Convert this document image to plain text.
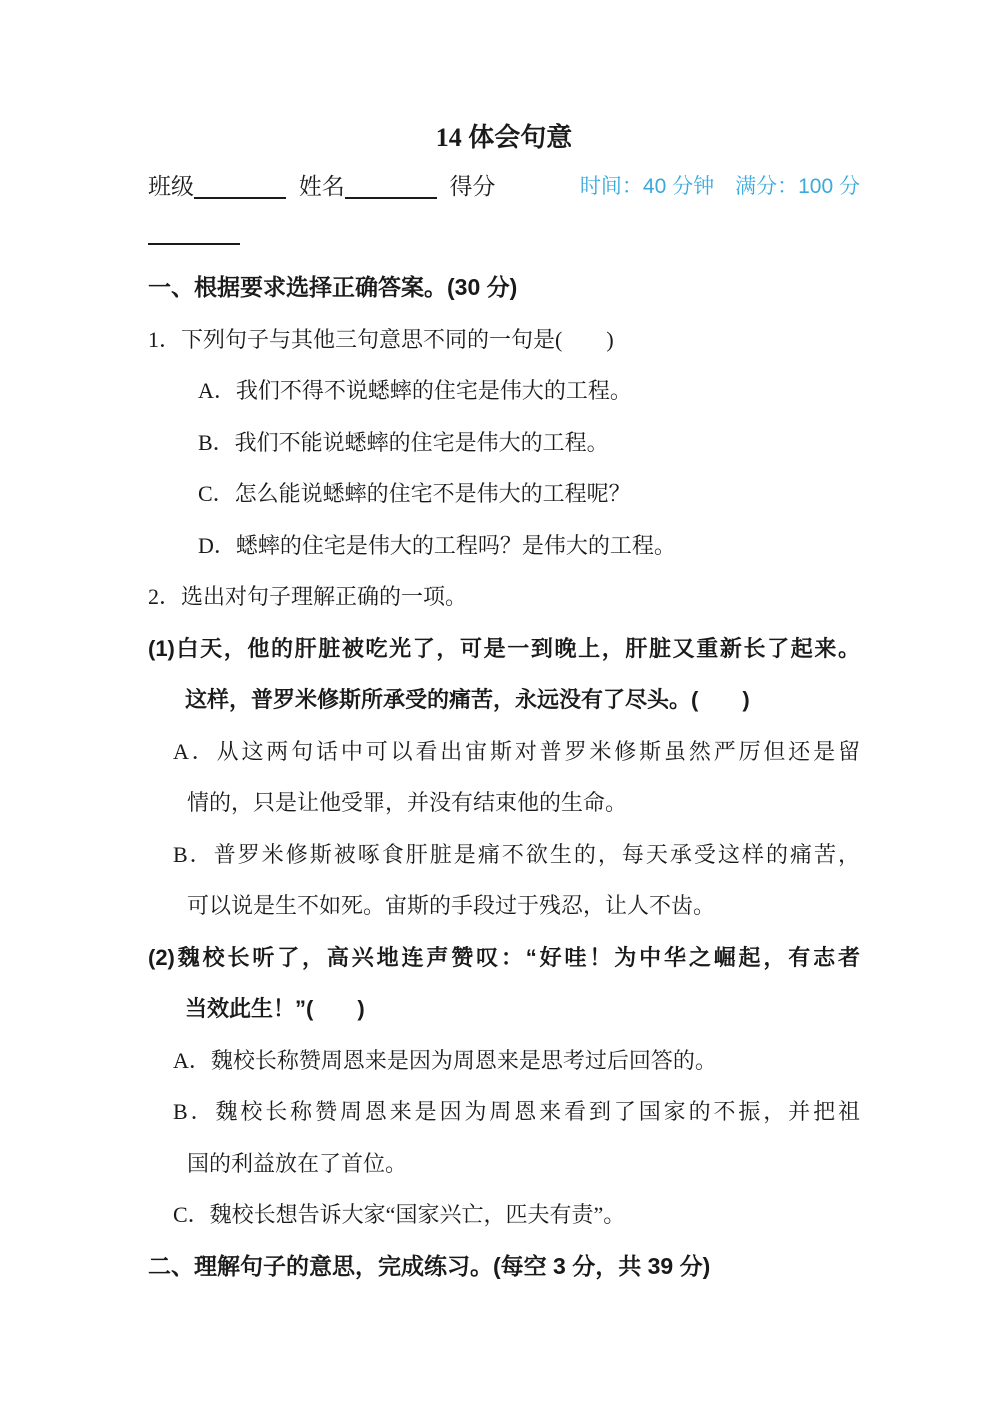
14 体会句意
时间：40 分钟　满分：100 分
班级	姓名	得分
一、根据要求选择正确答案。(30 分)
1．下列句子与其他三句意思不同的一句是(　　)
A．我们不得不说蟋蟀的住宅是伟大的工程。
B．我们不能说蟋蟀的住宅是伟大的工程。
C．怎么能说蟋蟀的住宅不是伟大的工程呢？
D．蟋蟀的住宅是伟大的工程吗？是伟大的工程。
2．选出对句子理解正确的一项。
(1)白天，他的肝脏被吃光了，可是一到晚上，肝脏又重新长了起来。
这样，普罗米修斯所承受的痛苦，永远没有了尽头。(　　)
A．从这两句话中可以看出宙斯对普罗米修斯虽然严厉但还是留
情的，只是让他受罪，并没有结束他的生命。
B．普罗米修斯被啄食肝脏是痛不欲生的，每天承受这样的痛苦，
可以说是生不如死。宙斯的手段过于残忍，让人不齿。
(2)魏校长听了，高兴地连声赞叹：“好哇！为中华之崛起，有志者
当效此生！”(　　)
A．魏校长称赞周恩来是因为周恩来是思考过后回答的。
B．魏校长称赞周恩来是因为周恩来看到了国家的不振，并把祖
国的利益放在了首位。
C．魏校长想告诉大家“国家兴亡，匹夫有责”。
二、理解句子的意思，完成练习。(每空 3 分，共 39 分)
